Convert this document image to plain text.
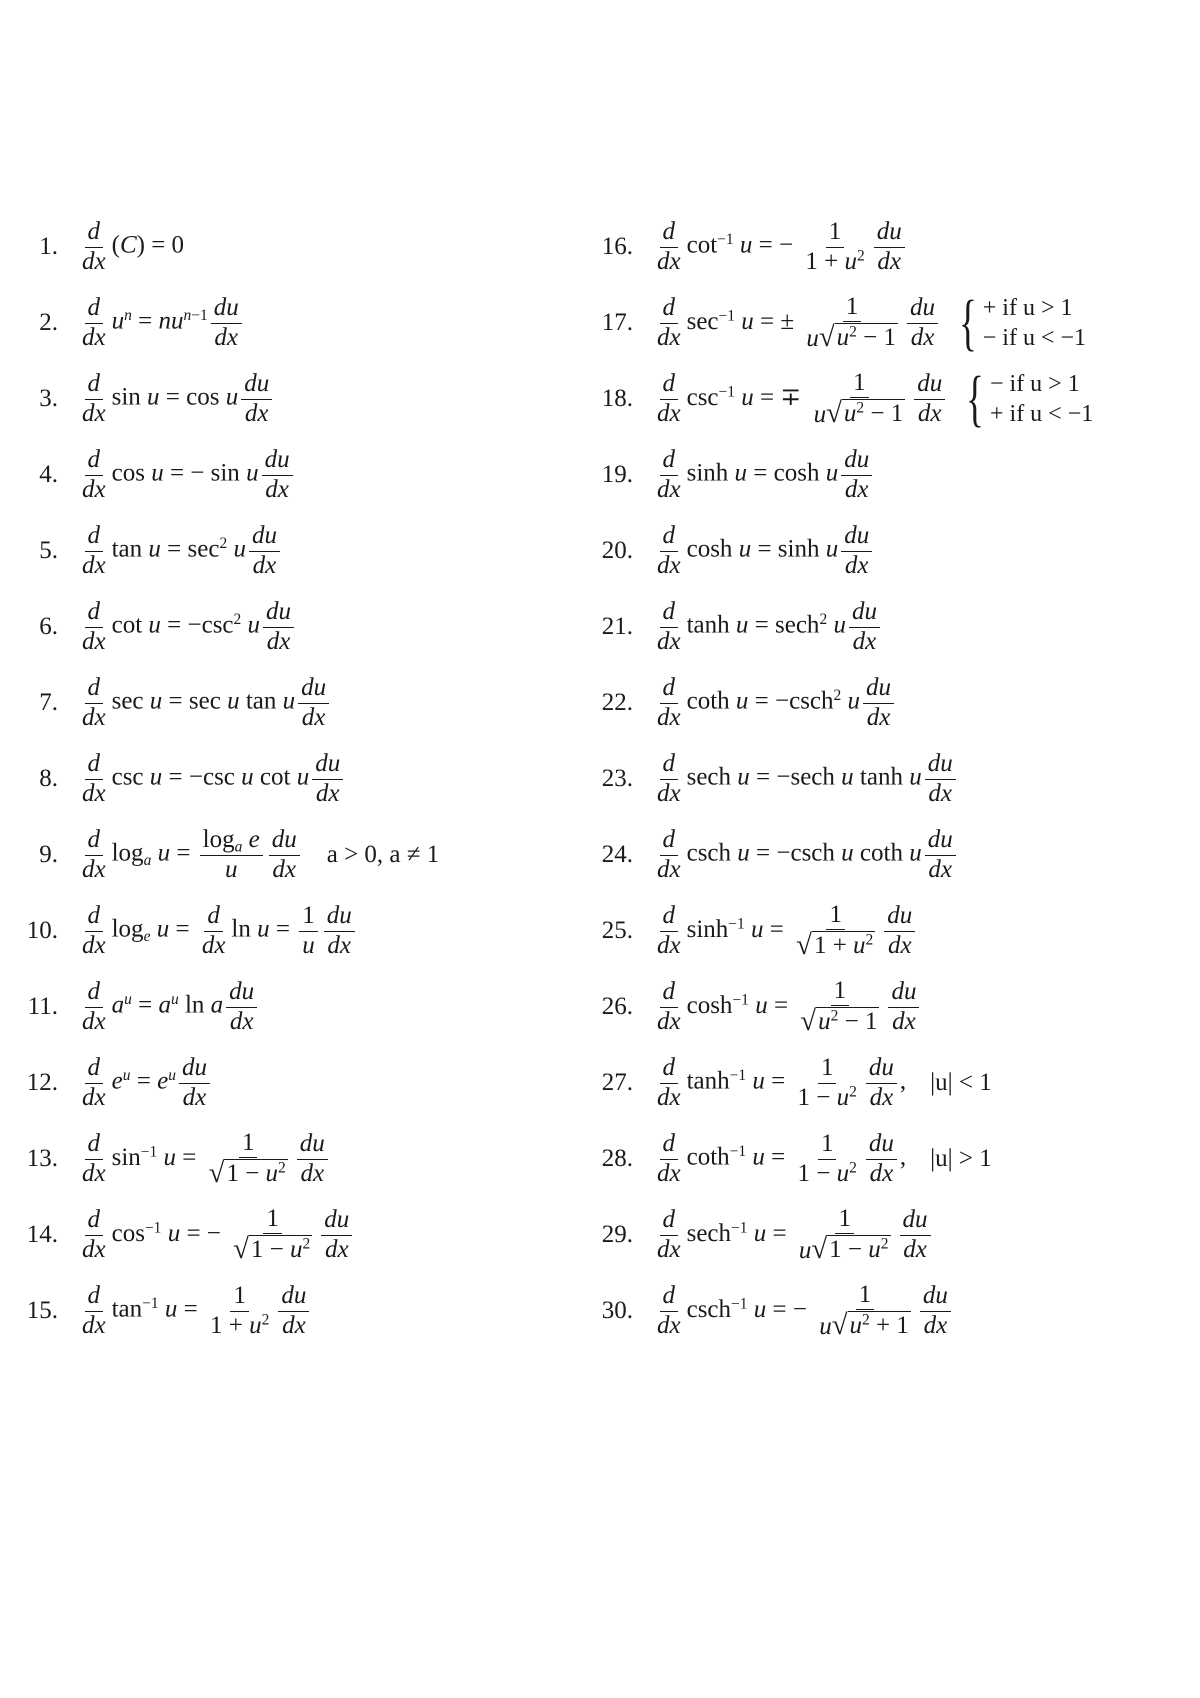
1. $\frac{d}{dx} (C) = 0$
2. $\frac{d}{dx} u^n = nu^{n-1} \frac{du}{dx}$
3. $\frac{d}{dx}$ sin u = cos u $\frac{du}{dx}$
4. $\frac{d}{dx}$ cos u = − sin u $\frac{du}{dx}$
5. $\frac{d}{dx}$ $\tan u = \sec^2 u \frac{du}{dx}$
6. $\frac{d}{dx}$ $\cot u = -\csc^2$ u $\frac{du}{dx}$
7. $\frac{d}{dx}$ sec u = sec u tan u $\frac{du}{dx}$
8. $\frac{d}{dx}$ csc u = −csc u cot u $\frac{du}{dx}$
9. $\frac{d}{dx} \log_a u = \frac{\log_a e}{u} \frac{du}{dx}$ a > 0, a ≠ 1
10. $\frac{d}{dx} \log_e u = \frac{d}{dx}$ $\ln u = \frac{1}{u} \frac{du}{dx}$
11. $\frac{d}{dx} a^u = a^u$ ln a $\frac{du}{dx}$
12. $\frac{d}{dx} e^u = e^u \frac{du}{dx}$
13. $\frac{d}{dx} \sin^{-1} u = \frac{1}{√ 1 - u^2} \frac{du}{dx}$
14. $\frac{d}{dx} \cos^{-1} u$ = − $\frac{1}{√ 1 - u^2} \frac{du}{dx}$
15. $\frac{d}{dx} \tan^{-1} u = \frac{1}{1 + u^2} \frac{du}{dx}$
16. $\frac{d}{dx} \cot^{-1} u$ = − $\frac{1}{1 + u^2} \frac{du}{dx}$
17. $\frac{d}{dx} \sec^{-1} u$ = ± $\frac{1}{u √ u^2 - 1} \frac{du}{dx}$ { + if u > 1
− if u < −1
18. $\frac{d}{dx} \csc^{-1} u$ = ∓ $\frac{1}{u √ u^2 - 1} \frac{du}{dx}$ { − if u > 1
+ if u < −1
19. $\frac{d}{dx}$ sinh u = cosh u $\frac{du}{dx}$
20. $\frac{d}{dx}$ cosh u = sinh u $\frac{du}{dx}$
21. $\frac{d}{dx}$ tanh u = sech$^2$ u $\frac{du}{dx}$
22. $\frac{d}{dx}$ coth u = −csch$^2$ u $\frac{du}{dx}$
23. $\frac{d}{dx}$ sech u = −sech u tanh u $\frac{du}{dx}$
24. $\frac{d}{dx}$ csch u = −csch u coth u $\frac{du}{dx}$
25. $\frac{d}{dx} \sinh^{-1} u = \frac{1}{√ 1 + u^2} \frac{du}{dx}$
26. $\frac{d}{dx} \cosh^{-1} u = \frac{1}{√ u^2 - 1} \frac{du}{dx}$
27. $\frac{d}{dx} \tanh^{-1} u = \frac{1}{1 - u^2} \frac{du}{dx}$ , |u| < 1
28. $\frac{d}{dx} \cot h^{-1}$ $u = \frac{1}{1 - u^2} \frac{du}{dx}$ , |u| > 1
29. $\frac{d}{dx} \sec h^{-1}$ $u = \frac{1}{u √ 1 - u^2} \frac{du}{dx}$
30. $\frac{d}{dx} \csc h^{-1}$ u = − $\frac{1}{u √ u^2 + 1} \frac{du}{dx}$
